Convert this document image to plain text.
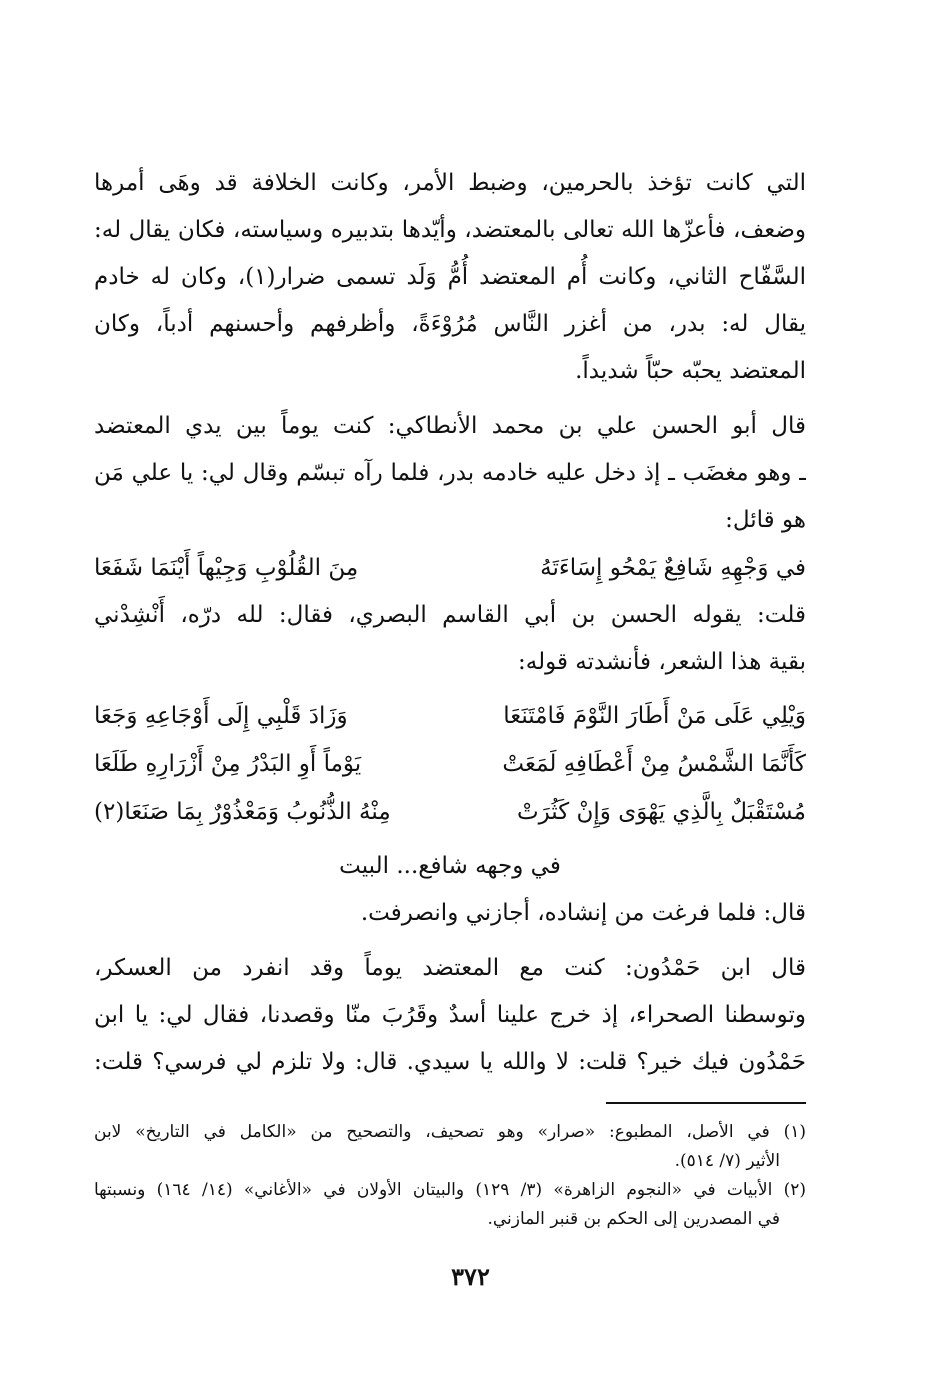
التي كانت تؤخذ بالحرمين، وضبط الأمر، وكانت الخلافة قد وهَى أمرها
وضعف، فأعزّها الله تعالى بالمعتضد، وأيّدها بتدبيره وسياسته، فكان يقال له:
السَّفّاح الثاني، وكانت أُم المعتضد أُمُّ وَلَد تسمى ضرار(١)، وكان له خادم
يقال له: بدر، من أغزر النَّاس مُرُوْءَةً، وأظرفهم وأحسنهم أدباً، وكان
المعتضد يحبّه حبّاً شديداً.
قال أبو الحسن علي بن محمد الأنطاكي: كنت يوماً بين يدي المعتضد
ـ وهو مغضَب ـ إذ دخل عليه خادمه بدر، فلما رآه تبسّم وقال لي: يا علي مَن
هو قائل:
في وَجْهِهِ شَافِعٌ يَمْحُو إِسَاءَتَهُ
مِنَ القُلُوْبِ وَجِيْهاً أَيْنَمَا شَفَعَا
قلت: يقوله الحسن بن أبي القاسم البصري، فقال: لله درّه، أَنْشِدْني
بقية هذا الشعر، فأنشدته قوله:
وَيْلِي عَلَى مَنْ أَطَارَ النَّوْمَ فَامْتَنَعَا
وَزَادَ قَلْبِي إِلَى أَوْجَاعِهِ وَجَعَا
كَأَنَّمَا الشَّمْسُ مِنْ أَعْطَافِهِ لَمَعَتْ
يَوْماً أَوِ البَدْرُ مِنْ أَزْرَارِهِ طَلَعَا
مُسْتَقْبَلٌ بِالَّذِي يَهْوَى وَإِنْ كَثُرَتْ
مِنْهُ الذُّنُوبُ وَمَعْذُوْرٌ بِمَا صَنَعَا(٢)
في وجهه شافع... البيت
قال: فلما فرغت من إنشاده، أجازني وانصرفت.
قال ابن حَمْدُون: كنت مع المعتضد يوماً وقد انفرد من العسكر،
وتوسطنا الصحراء، إذ خرج علينا أسدٌ وقَرُبَ منّا وقصدنا، فقال لي: يا ابن
حَمْدُون فيك خير؟ قلت: لا والله يا سيدي. قال: ولا تلزم لي فرسي؟ قلت:
(١) في الأصل، المطبوع: «صرار» وهو تصحيف، والتصحيح من «الكامل في التاريخ» لابن
الأثير (٧/ ٥١٤).
(٢) الأبيات في «النجوم الزاهرة» (٣/ ١٢٩) والبيتان الأولان في «الأغاني» (١٤/ ١٦٤) ونسبتها
في المصدرين إلى الحكم بن قنبر المازني.
٣٧٢
